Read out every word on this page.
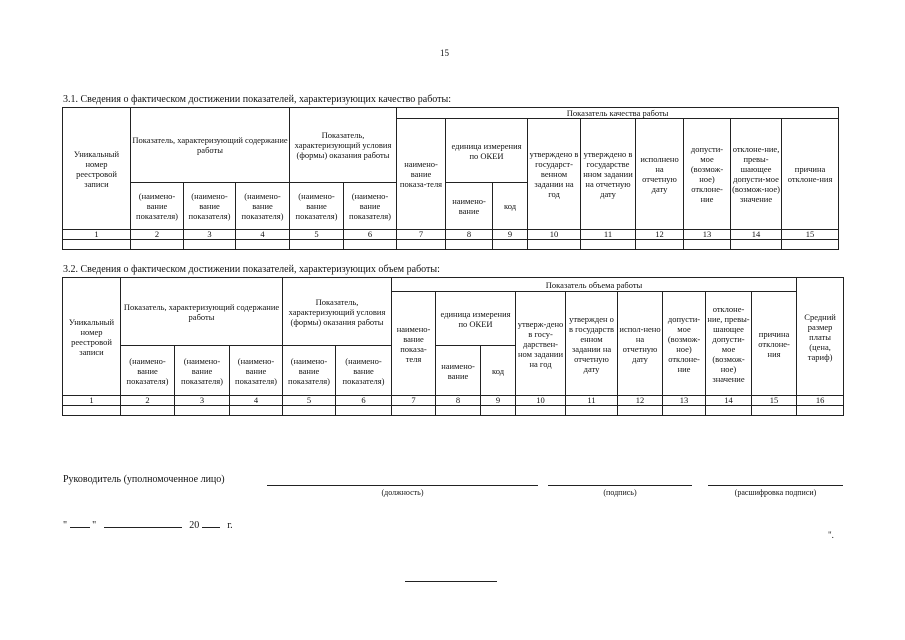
15
3.1. Сведения о фактическом достижении показателей, характеризующих качество работы:
Уникальный номер реестровой записи	Показатель, характеризующий содержание работы			Показатель, характеризующий условия (формы) оказания работы		Показатель качества работы								
						наимено-вание показа-теля	единица измерения по ОКЕИ		утверждено в государст-венном задании на год	утверждено в государстве нном задании на отчетную дату	исполнено на отчетную дату	допусти-мое (возмож-ное) отклоне-ние	отклоне-ние, превы-шающее допусти-мое (возмож-ное) значение	причина отклоне-ния

	(наимено-вание показателя)	(наимено-вание показателя)	(наимено-вание показателя)	(наимено-вание показателя)	(наимено-вание показателя)		наимено-вание	код						
1	2	3	4	5	6	7	8	9	10	11	12	13	14	15

3.2. Сведения о фактическом достижении показателей, характеризующих объем работы:
Уникальный номер реестровой записи	Показатель, характеризующий содержание работы			Показатель, характеризующий условия (формы) оказания работы		Показатель объема работы									Средний размер платы (цена, тариф)
						наимено-вание показа-теля	единица измерения по ОКЕИ		утверж-дено в госу-дарствен-ном задании на год	утвержден о в государств енном задании на отчетную дату	испол-нено на отчетную дату	допусти-мое (возмож-ное) отклоне-ние	отклоне-ние, превы-шающее допусти-мое (возмож-ное) значение	причина отклоне-ния	

	(наимено-вание показателя)	(наимено-вание показателя)	(наимено-вание показателя)	(наимено-вание показателя)	(наимено-вание показателя)		наимено-вание	код							
1	2	3	4	5	6	7	8	9	10	11	12	13	14	15	16

Руководитель (уполномоченное лицо)
(должность)	(подпись)	(расшифровка подписи)
"	"	20	г.
".
